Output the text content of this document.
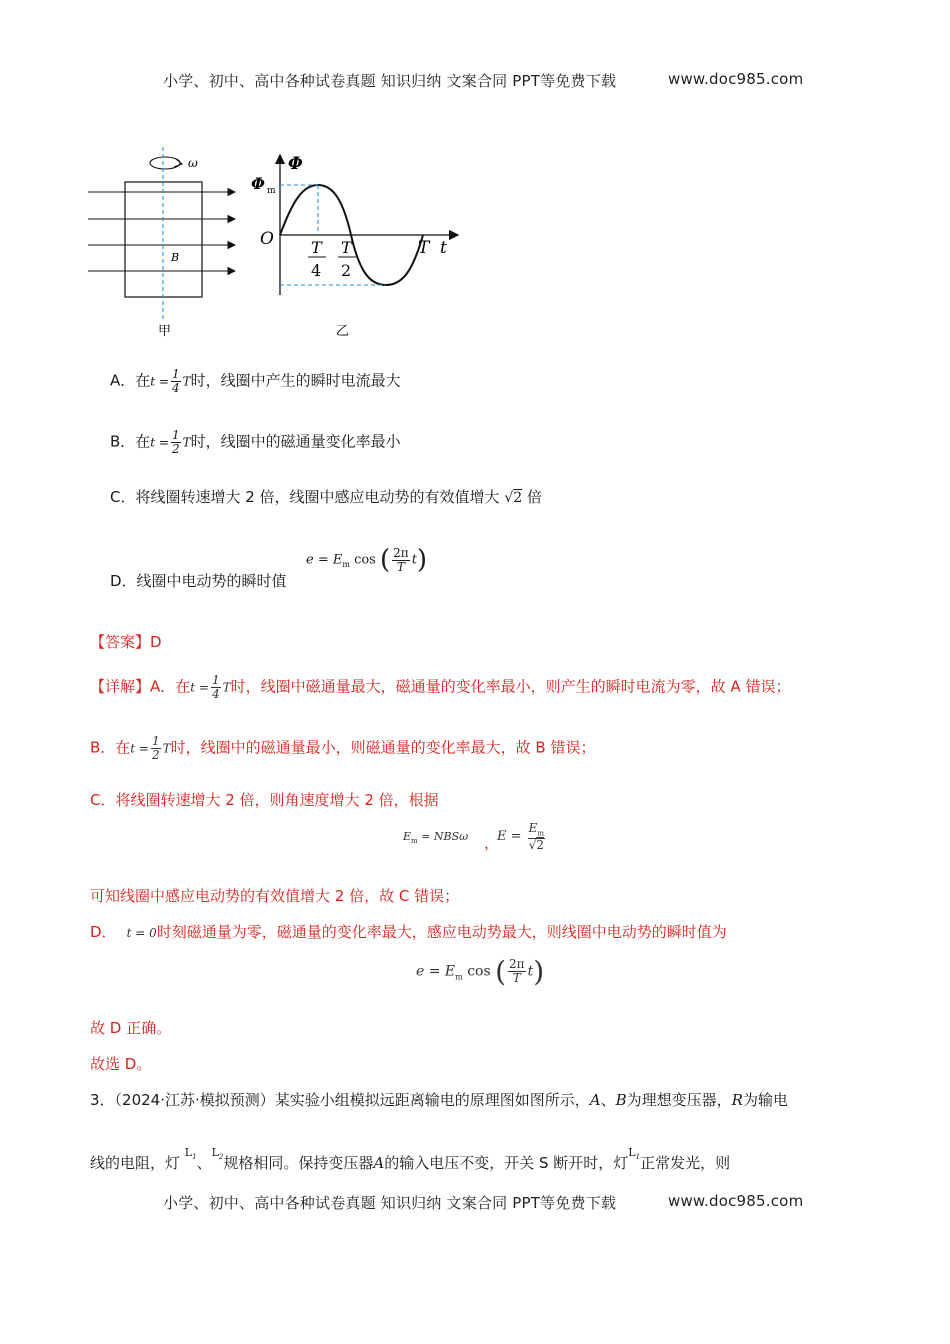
小学、初中、高中各种试卷真题 知识归纳 文案合同 PPT等免费下载	www.doc985.com
ω
B
甲
Φ
Φ m
O	T t
T
4
T
2
乙
A．在$t = \frac{1}{4}$ T时，线圈中产生的瞬时电流最大
B．在$t = \frac{1}{2}$ T时，线圈中的磁通量变化率最小
C．将线圈转速增大 2 倍，线圈中感应电动势的有效值增大 √2 倍
D．线圈中电动势的瞬时值
$e = E_m$ cos ( $\frac{2\pi}{T} t$)
【答案】D
【详解】A．在$t = \frac{1}{4}$ T时，线圈中磁通量最大，磁通量的变化率最小，则产生的瞬时电流为零，故 A 错误；
B．在$t = \frac{1}{2}$ T时，线圈中的磁通量最小，则磁通量的变化率最大，故 B 错误；
C．将线圈转速增大 2 倍，则角速度增大 2 倍，根据
$E_m = NBS\omega$ ，
$E = \frac{E_m}{√2}$
可知线圈中感应电动势的有效值增大 2 倍，故 C 错误；
D． t = 0时刻磁通量为零，磁通量的变化率最大，感应电动势最大，则线圈中电动势的瞬时值为
$e = E_m$ cos ( $\frac{2\pi}{T} t$)
故 D 正确。
故选 D。
3．（2024·江苏·模拟预测）某实验小组模拟远距离输电的原理图如图所示，A、B为理想变压器，R为输电
线的电阻，灯 $^{L_1}$、$^{L_2}$规格相同。保持变压器A的输入电压不变，开关 S 断开时，灯$^{L_1}$正常发光，则
小学、初中、高中各种试卷真题 知识归纳 文案合同 PPT等免费下载	www.doc985.com
